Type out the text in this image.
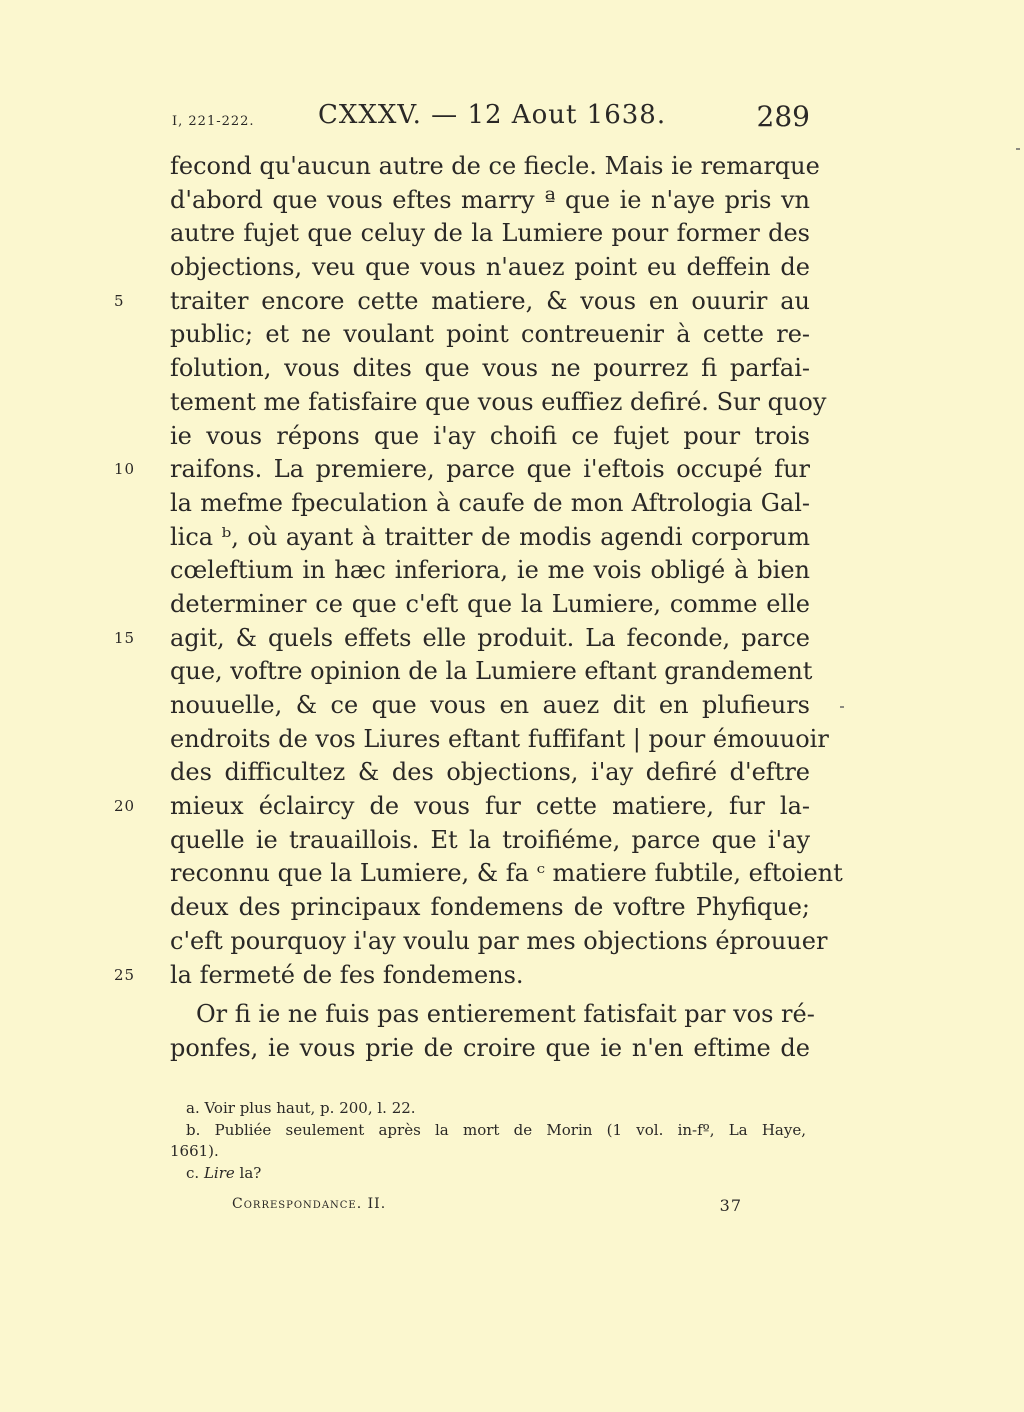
I, 221-222. CXXXV. — 12 Aout 1638.	289
fecond qu'aucun autre de ce fiecle. Mais ie remarque
d'abord que vous eftes marry ª que ie n'aye pris vn
autre fujet que celuy de la Lumiere pour former des
objections, veu que vous n'auez point eu deffein de
5	traiter encore cette matiere, & vous en ouurir au
public; et ne voulant point contreuenir à cette re-
folution, vous dites que vous ne pourrez fi parfai-
tement me fatisfaire que vous euffiez defiré. Sur quoy
ie vous répons que i'ay choifi ce fujet pour trois
10	raifons. La premiere, parce que i'eftois occupé fur
la mefme fpeculation à caufe de mon Aftrologia Gal-
lica ᵇ, où ayant à traitter de modis agendi corporum
cœleftium in hæc inferiora, ie me vois obligé à bien
determiner ce que c'eft que la Lumiere, comme elle
15	agit, & quels effets elle produit. La feconde, parce
que, voftre opinion de la Lumiere eftant grandement
nouuelle, & ce que vous en auez dit en plufieurs
endroits de vos Liures eftant fuffifant | pour émouuoir
des difficultez & des objections, i'ay defiré d'eftre
20	mieux éclaircy de vous fur cette matiere, fur la-
quelle ie trauaillois. Et la troifiéme, parce que i'ay
reconnu que la Lumiere, & fa ᶜ matiere fubtile, eftoient
deux des principaux fondemens de voftre Phyfique;
c'eft pourquoy i'ay voulu par mes objections éprouuer
25	la fermeté de fes fondemens.
Or fi ie ne fuis pas entierement fatisfait par vos ré-
ponfes, ie vous prie de croire que ie n'en eftime de
a. Voir plus haut, p. 200, l. 22.
b. Publiée seulement après la mort de Morin (1 vol. in-fº, La Haye,
1661).
c. Lire la?
Correspondance. II.	37
